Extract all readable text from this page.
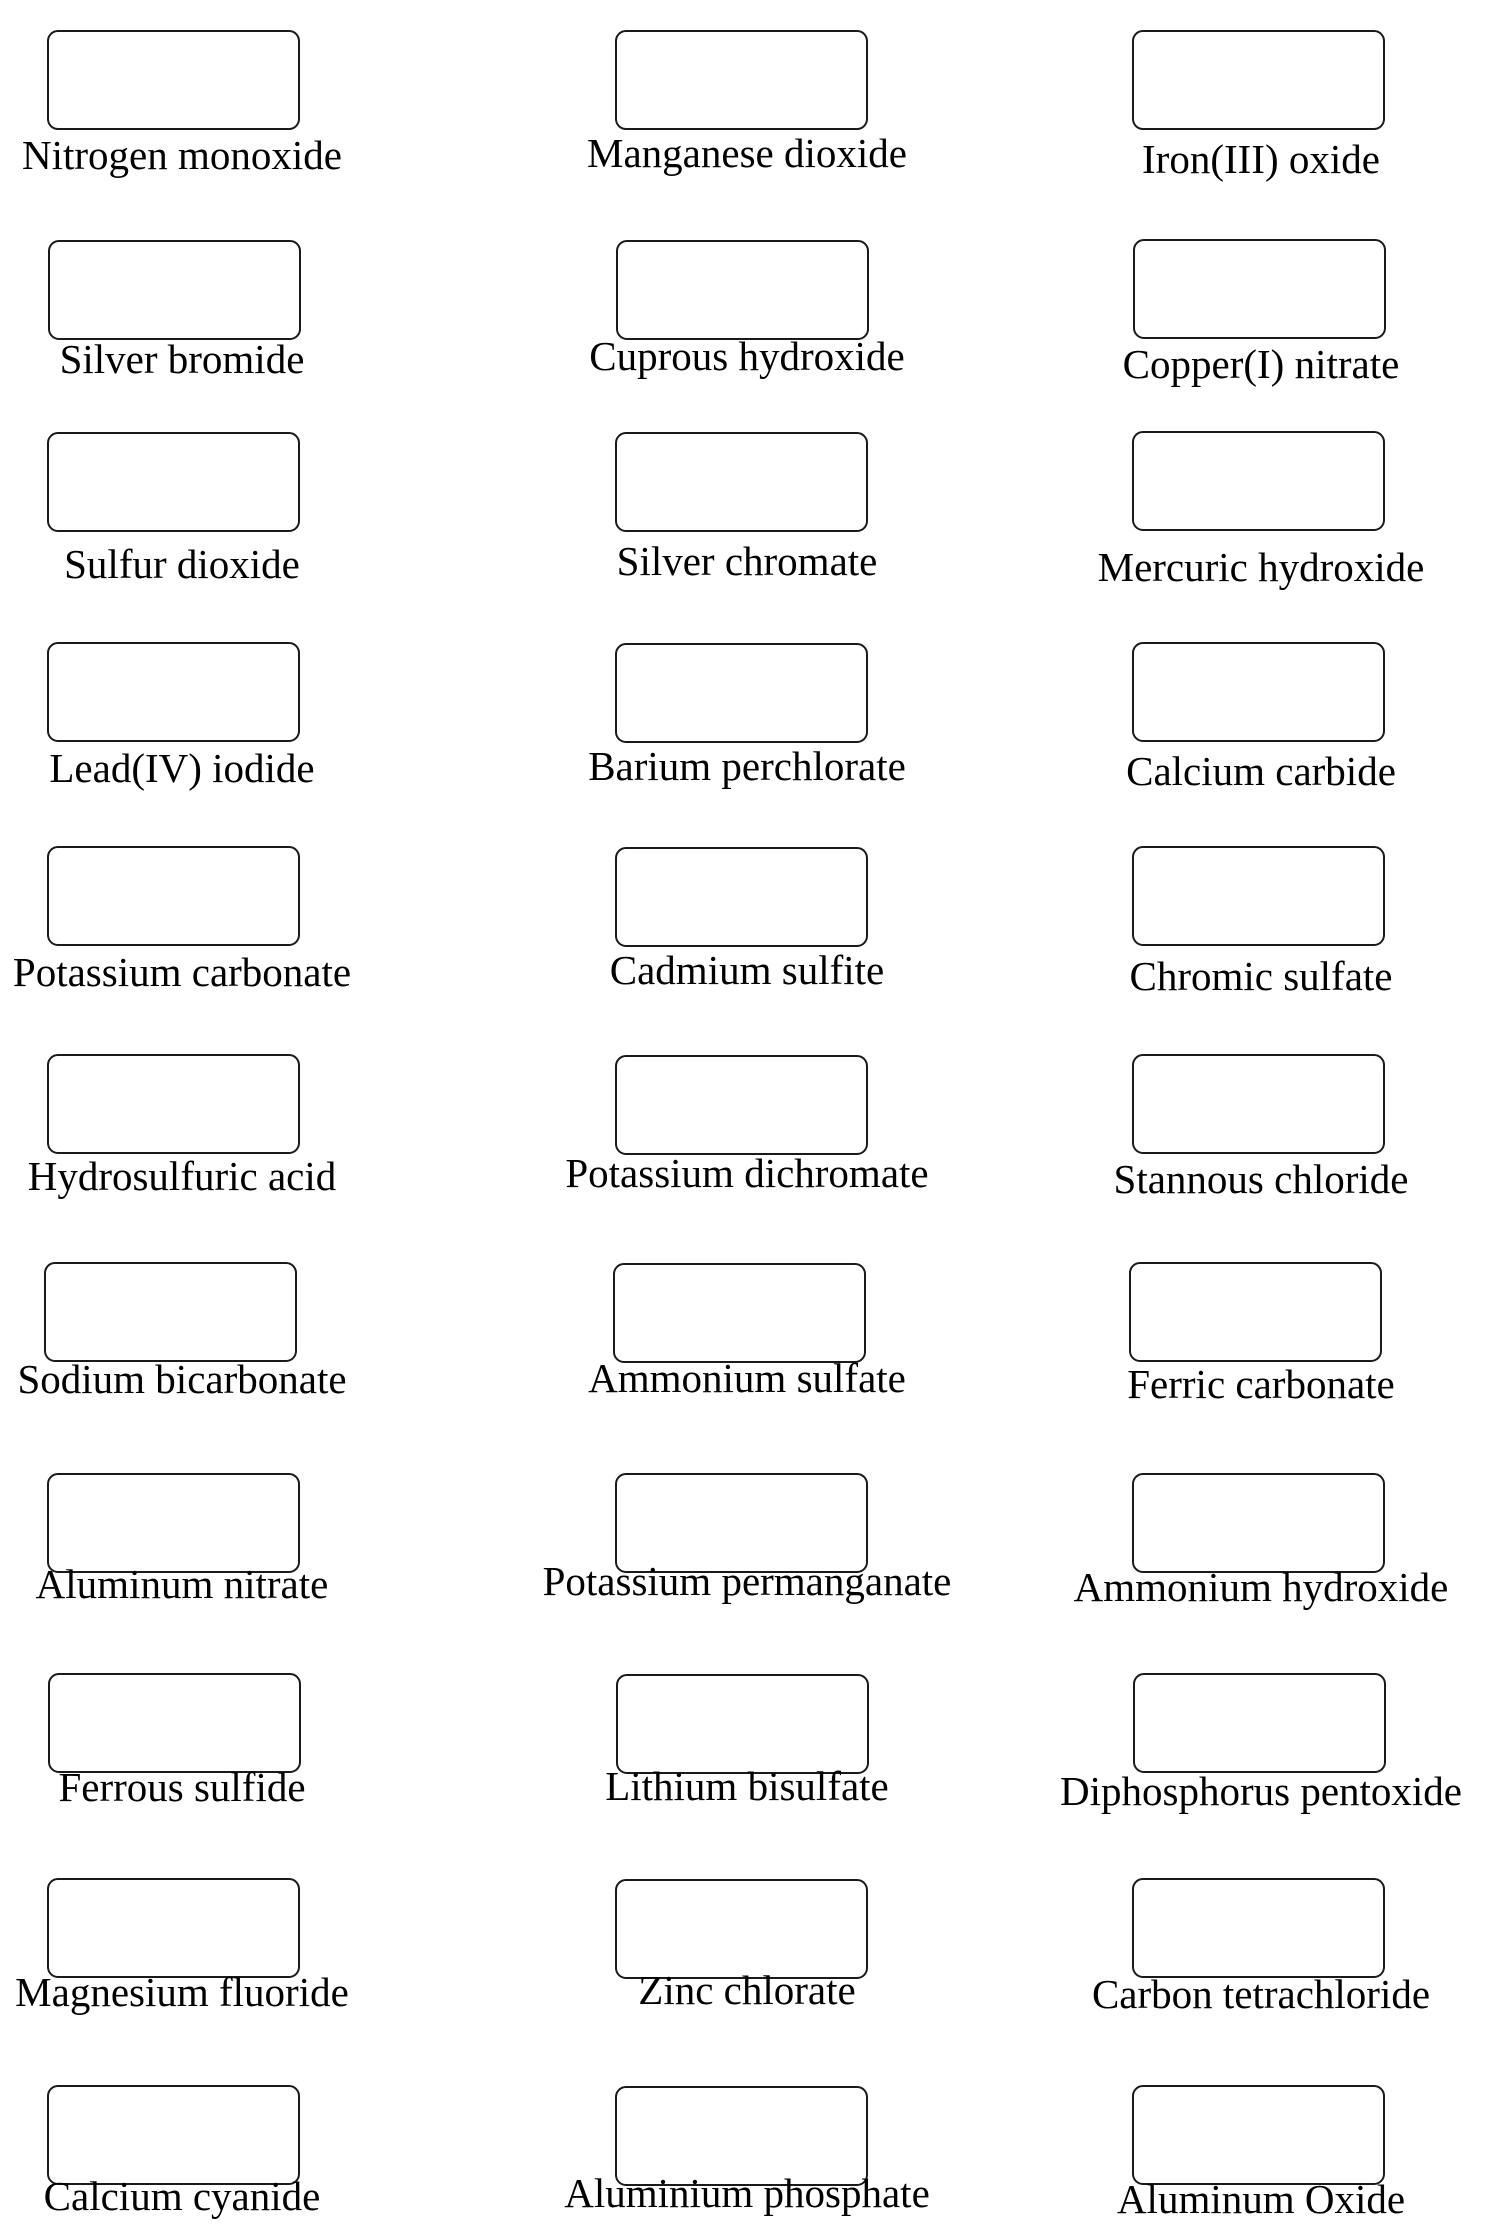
Nitrogen monoxide	Manganese dioxide	Iron(III) oxide
Silver bromide	Cuprous hydroxide	Copper(I) nitrate
Sulfur dioxide	Silver chromate	Mercuric hydroxide
Lead(IV) iodide	Barium perchlorate	Calcium carbide
Potassium carbonate	Cadmium sulfite	Chromic sulfate
Hydrosulfuric acid	Potassium dichromate	Stannous chloride
Sodium bicarbonate	Ammonium sulfate	Ferric carbonate
Aluminum nitrate	Potassium permanganate	Ammonium hydroxide
Ferrous sulfide	Lithium bisulfate	Diphosphorus pentoxide
Magnesium fluoride	Zinc chlorate	Carbon tetrachloride
Calcium cyanide	Aluminium phosphate	Aluminum Oxide
